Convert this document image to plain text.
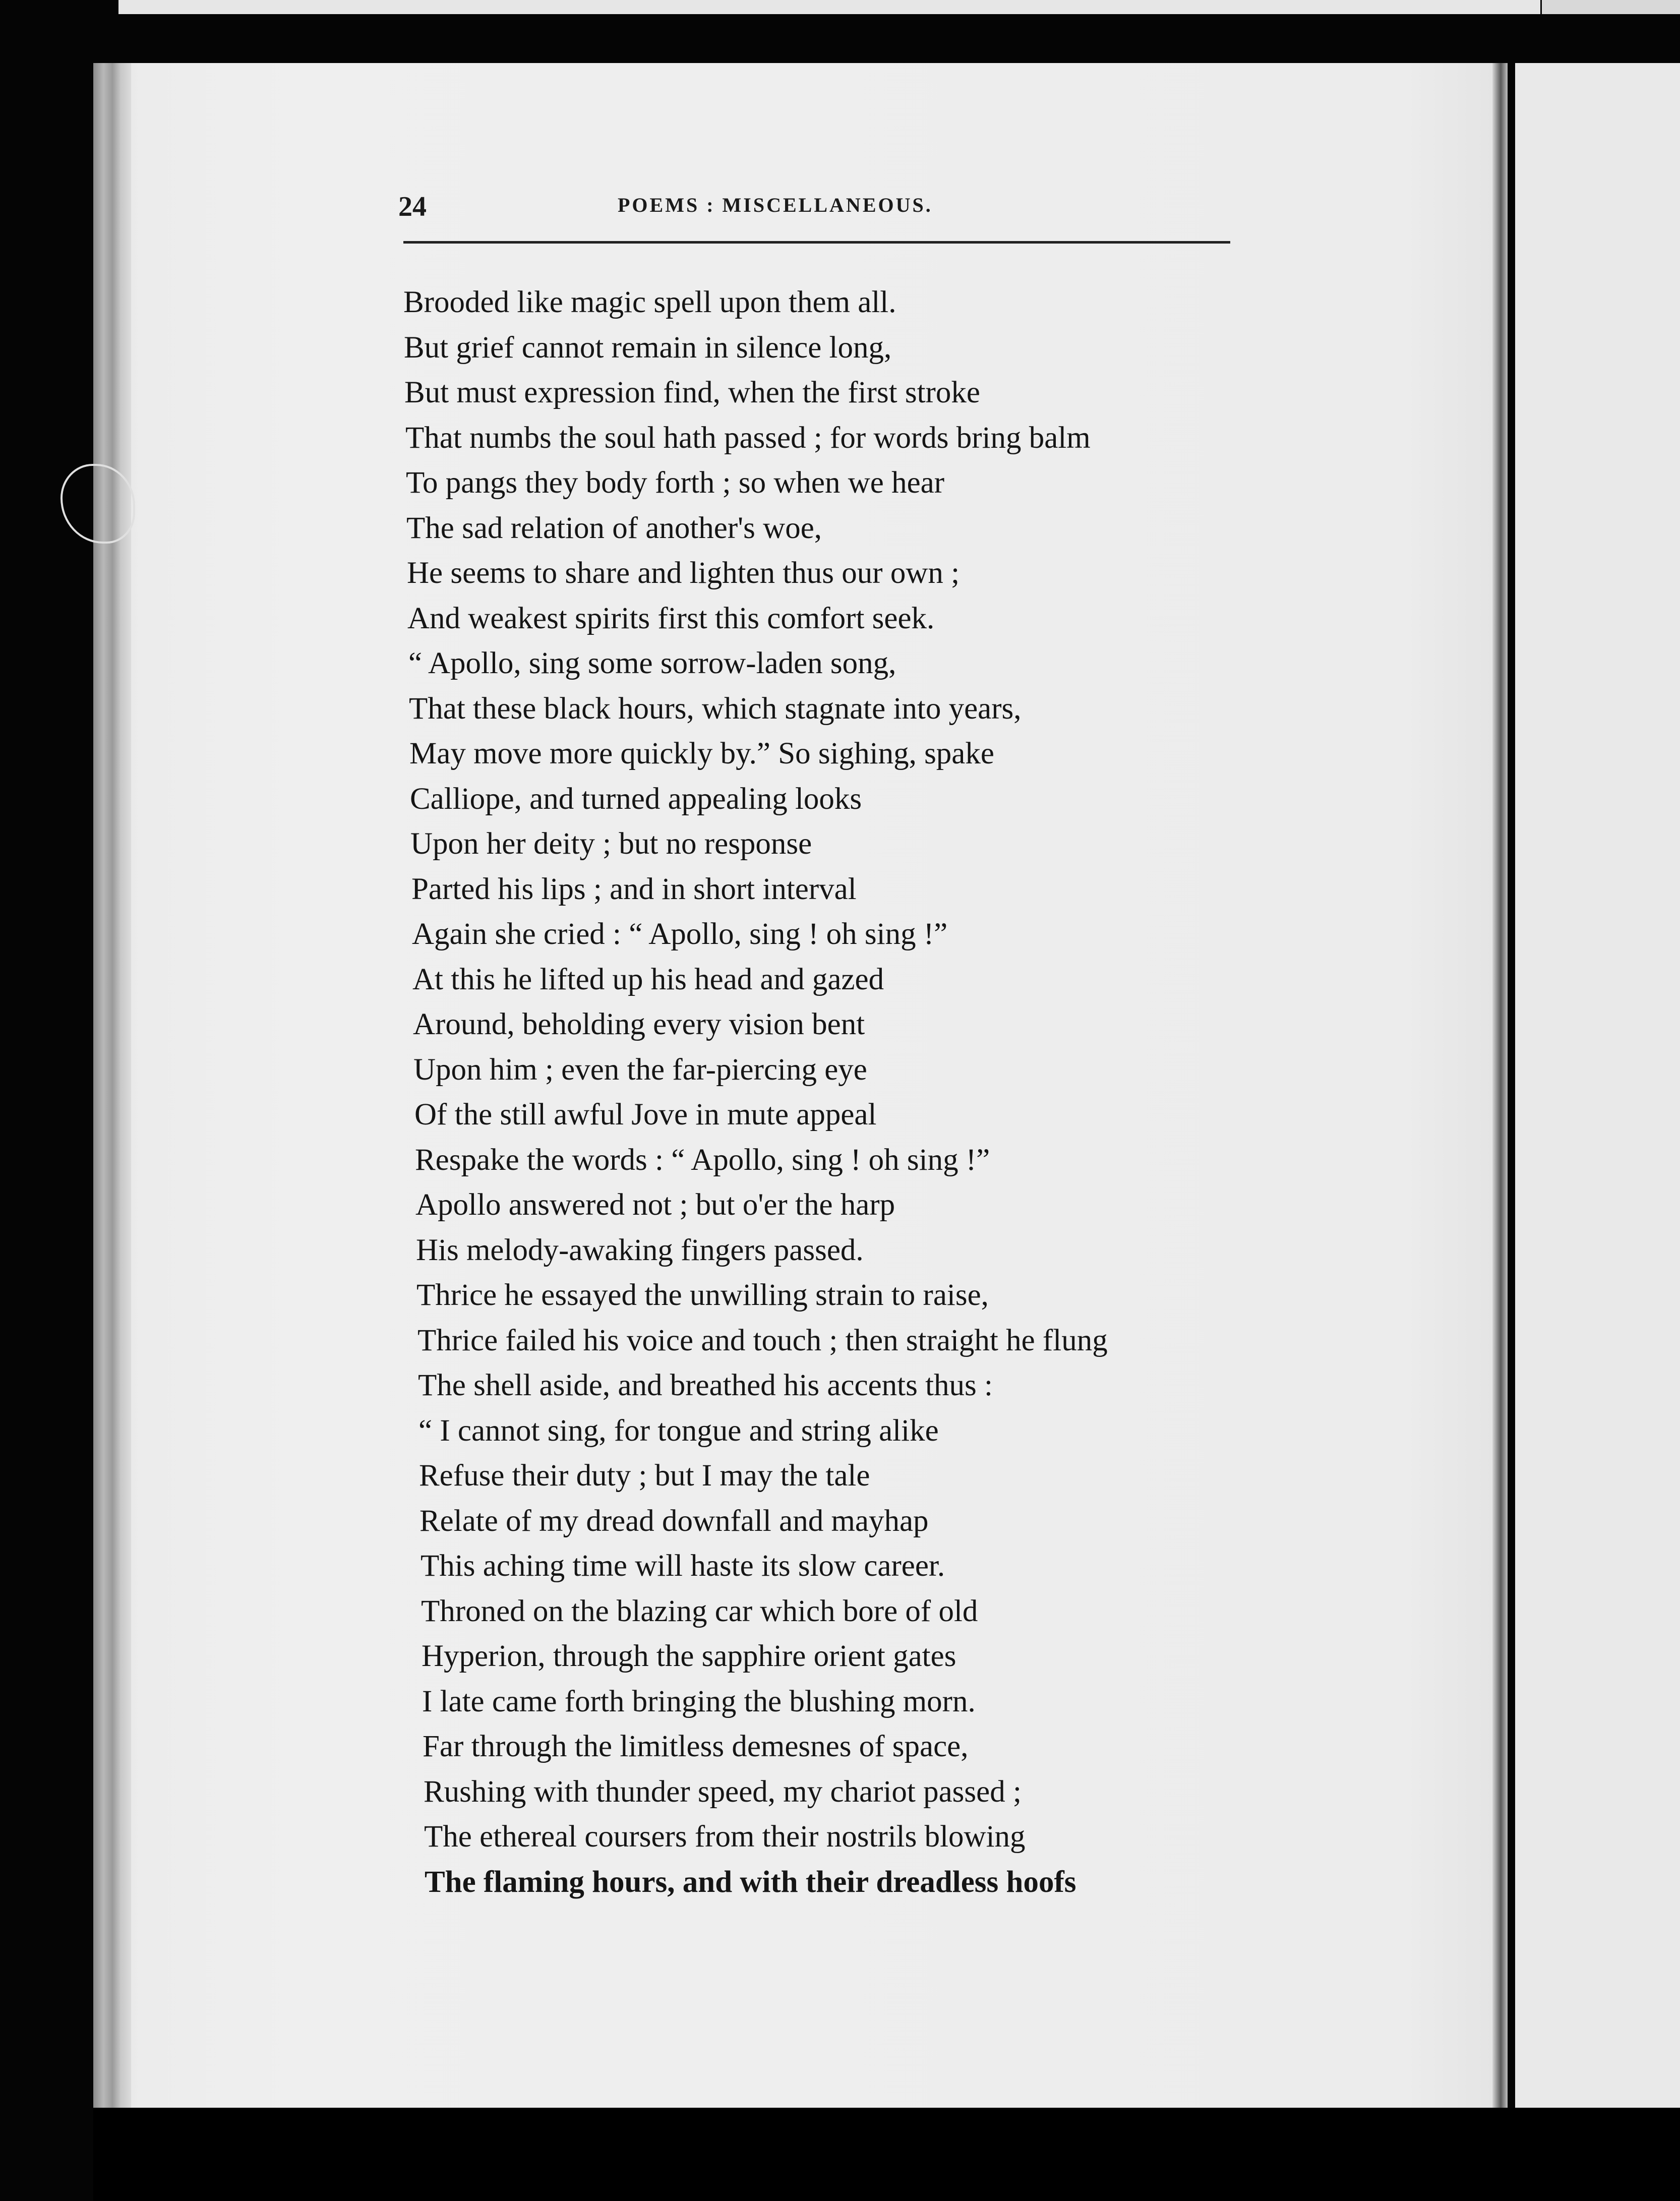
24	POEMS : MISCELLANEOUS.
Brooded like magic spell upon them all.
But grief cannot remain in silence long,
But must expression find, when the first stroke
That numbs the soul hath passed ; for words bring balm
To pangs they body forth ; so when we hear
The sad relation of another's woe,
He seems to share and lighten thus our own ;
And weakest spirits first this comfort seek.
“ Apollo, sing some sorrow-laden song,
That these black hours, which stagnate into years,
May move more quickly by.” So sighing, spake
Calliope, and turned appealing looks
Upon her deity ; but no response
Parted his lips ; and in short interval
Again she cried : “ Apollo, sing ! oh sing !”
At this he lifted up his head and gazed
Around, beholding every vision bent
Upon him ; even the far-piercing eye
Of the still awful Jove in mute appeal
Respake the words : “ Apollo, sing ! oh sing !”
Apollo answered not ; but o'er the harp
His melody-awaking fingers passed.
Thrice he essayed the unwilling strain to raise,
Thrice failed his voice and touch ; then straight he flung
The shell aside, and breathed his accents thus :
“ I cannot sing, for tongue and string alike
Refuse their duty ; but I may the tale
Relate of my dread downfall and mayhap
This aching time will haste its slow career.
Throned on the blazing car which bore of old
Hyperion, through the sapphire orient gates
I late came forth bringing the blushing morn.
Far through the limitless demesnes of space,
Rushing with thunder speed, my chariot passed ;
The ethereal coursers from their nostrils blowing
The flaming hours, and with their dreadless hoofs
